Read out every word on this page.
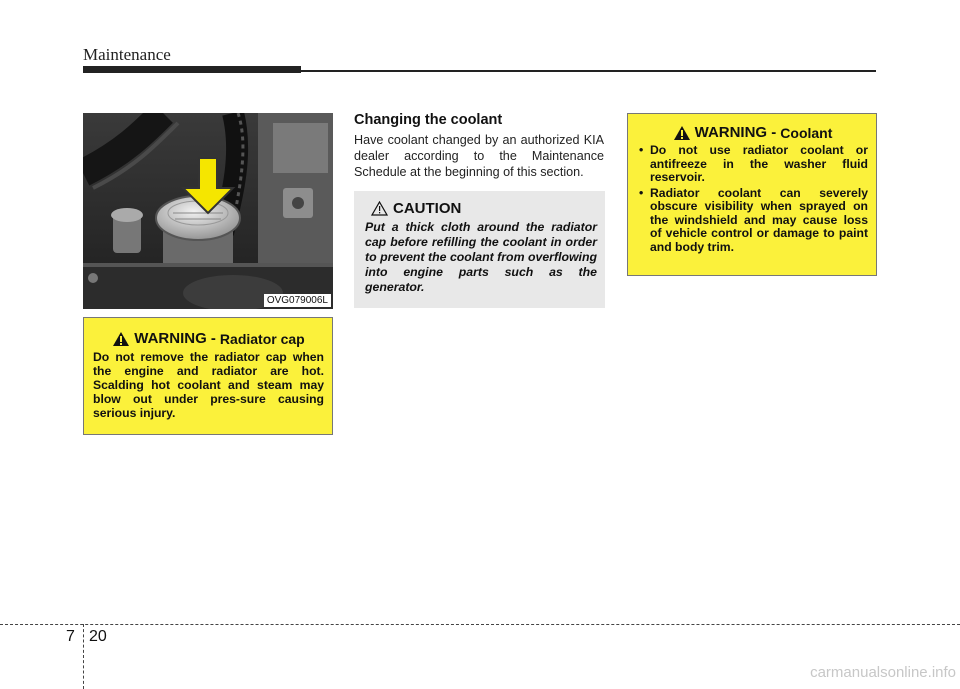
Maintenance
OVG079006L
WARNING - Radiator cap
Do not remove the radiator cap when the engine and radiator are hot. Scalding hot coolant and steam may blow out under pres-sure causing serious injury.
Changing the coolant
Have coolant changed by an authorized KIA dealer according to the Maintenance Schedule at the beginning of this section.
CAUTION
Put a thick cloth around the radiator cap before refilling the coolant in order to prevent the coolant from overflowing into engine parts such as the generator.
WARNING - Coolant
• Do not use radiator coolant or antifreeze in the washer fluid reservoir.
• Radiator coolant can severely obscure visibility when sprayed on the windshield and may cause loss of vehicle control or damage to paint and body trim.
7 20
carmanualsonline.info
